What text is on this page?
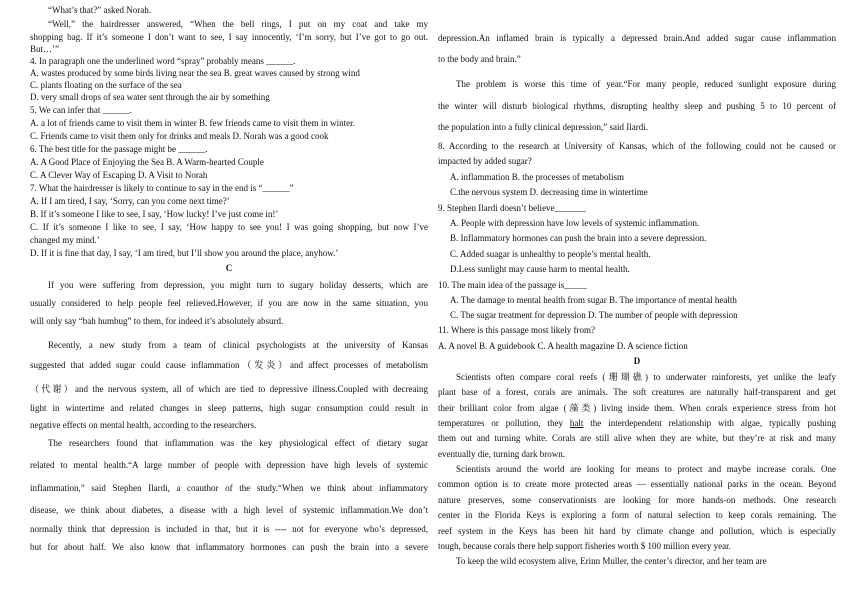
“What’s that?” asked Norah.
“Well,” the hairdresser answered, “When the bell rings, I put on my coat and take my
shopping bag. If it’s someone I don’t want to see, I say innocently, ‘I’m sorry, but I’ve got to go out.
But…’”
4. In paragraph one the underlined word “spray” probably means ______.
A. wastes produced by some birds living near the sea B. great waves caused by strong wind
C. plants floating on the surface of the sea
D. very small drops of sea water sent through the air by something
5. We can infer that ______.
A. a lot of friends came to visit them in winter B. few friends came to visit them in winter.
C. Friends came to visit them only for drinks and meals D. Norah was a good cook
6. The best title for the passage might be ______.
A. A Good Place of Enjoying the Sea B. A Warm-hearted Couple
C. A Clever Way of Escaping D. A Visit to Norah
7. What the hairdresser is likely to continue to say in the end is “______”
A. If I am tired, I say, ‘Sorry, can you come next time?’
B. If it’s someone I like to see, I say, ‘How lucky! I’ve just come in!’
C. If it’s someone I like to see, I say, ‘How happy to see you! I was going shopping, but now I’ve
changed my mind.’
D. If it is fine that day, I say, ‘I am tired, but I’ll show you around the place, anyhow.’
C
If you were suffering from depression, you might turn to sugary holiday desserts, which are
usually considered to help people feel relieved.However, if you are now in the same situation, you
will only say “bah humbug” to them, for indeed it’s absolutely absurd.
Recently, a new study from a team of clinical psychologists at the university of Kansas
suggested that added sugar could cause inflammation（发炎）and affect processes of metabolism
（代谢）and the nervous system, all of which are tied to depressive illness.Coupled with decreaing
light in wintertime and related changes in sleep patterns, high sugar consumption could result in
negative effects on mental health, according to the researchers.
The researchers found that inflammation was the key physiological effect of dietary sugar
related to mental health.“A large number of people with depression have high levels of systemic
inflammation,” said Stephen Ilardi, a coauthor of the study.“When we think about inflammatory
disease, we think about diabetes, a disease with a high level of systemic inflammation.We don’t
normally think that depression is included in that, but it is ---- not for everyone who’s depressed,
but for about half. We also know that inflammatory hormones can push the brain into a severe
depression.An inflamed brain is typically a depressed brain.And added sugar cause inflammation
to the body and brain.”
The problem is worse this time of year.“For many people, reduced sunlight exposure during
the winter will disturb biological rhythms, disrupting healthy sleep and pushing 5 to 10 percent of
the population into a fully clinical depression,” said Ilardi.
8. According to the research at University of Kansas, which of the following could not be caused or
impacted by added sugar?
A. inflammation B. the processes of metabolism
C.the nervous system D. decreasing time in wintertime
9. Stephen Ilardi doesn’t believe_______
A. People with depression have low levels of systemic inflammation.
B. Inflammatory hormones can push the brain into a severe depression.
C. Added suagar is unhealthy to people’s mental health.
D.Less sunlight may cause harm to mental health.
10. The main idea of the passage is_____
A. The damage to mental health from sugar B. The importance of mental health
C. The sugar treatment for depression D. The number of people with depression
11. Where is this passage most likely from?
A. A novel B. A guidebook C. A health magazine D. A science fiction
D
Scientists often compare coral reefs (珊瑚礁) to underwater rainforests, yet unlike the leafy
plant base of a forest, corals are animals. The soft creatures are naturally half-transparent and get
their brilliant color from algae (藻类) living inside them. When corals experience stress from hot
temperatures or pollution, they halt the interdependent relationship with algae, typically pushing
them out and turning white. Corals are still alive when they are white, but they’re at risk and many
eventually die, turning dark brown.
Scientists around the world are looking for means to protect and maybe increase corals. One
common option is to create more protected areas — essentially national parks in the ocean. Beyond
nature preserves, some conservationists are looking for more hands-on methods. One research
center in the Florida Keys is exploring a form of natural selection to keep corals remaining. The
reef system in the Keys has been hit hard by climate change and pollution, which is especially
tough, because corals there help support fisheries worth $ 100 million every year.
To keep the wild ecosystem alive, Erinn Muller, the center’s director, and her team are
